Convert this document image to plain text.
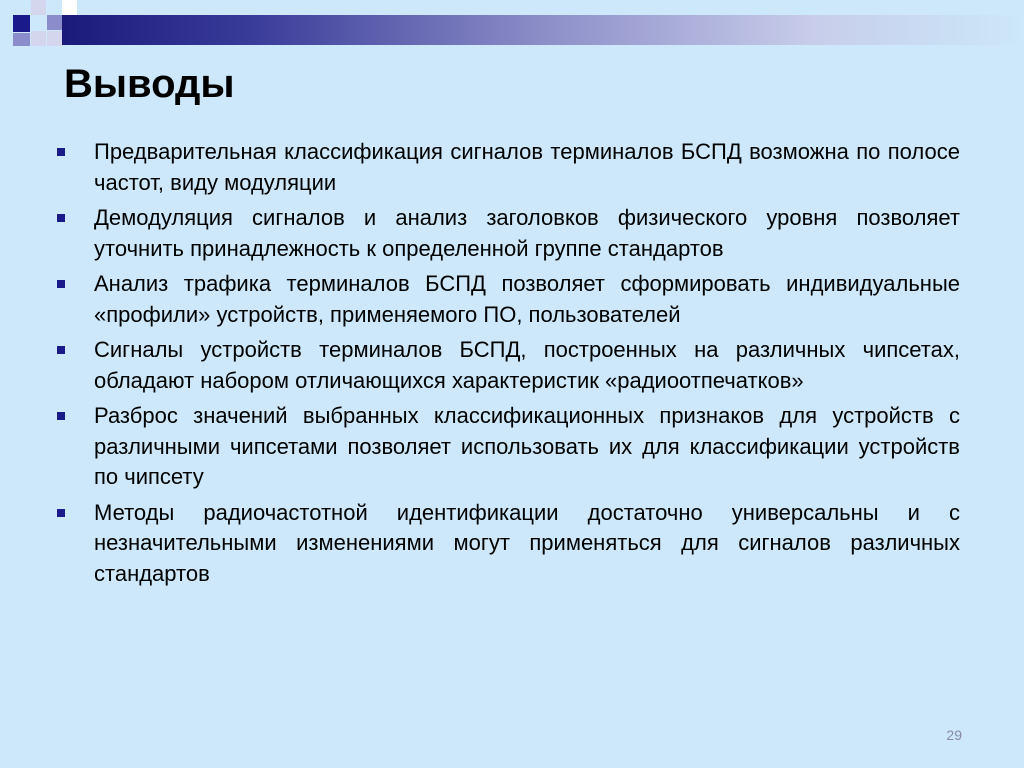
Выводы
Предварительная классификация сигналов терминалов БСПД возможна по полосе частот, виду модуляции
Демодуляция сигналов и анализ заголовков физического уровня позволяет уточнить принадлежность к определенной группе стандартов
Анализ трафика терминалов БСПД позволяет сформировать индивидуальные «профили» устройств, применяемого ПО, пользователей
Сигналы устройств терминалов БСПД, построенных на различных чипсетах, обладают набором отличающихся характеристик «радиоотпечатков»
Разброс значений выбранных классификационных признаков для устройств с различными чипсетами позволяет использовать их для классификации устройств по чипсету
Методы радиочастотной идентификации достаточно универсальны и с незначительными изменениями могут применяться для сигналов различных стандартов
29
